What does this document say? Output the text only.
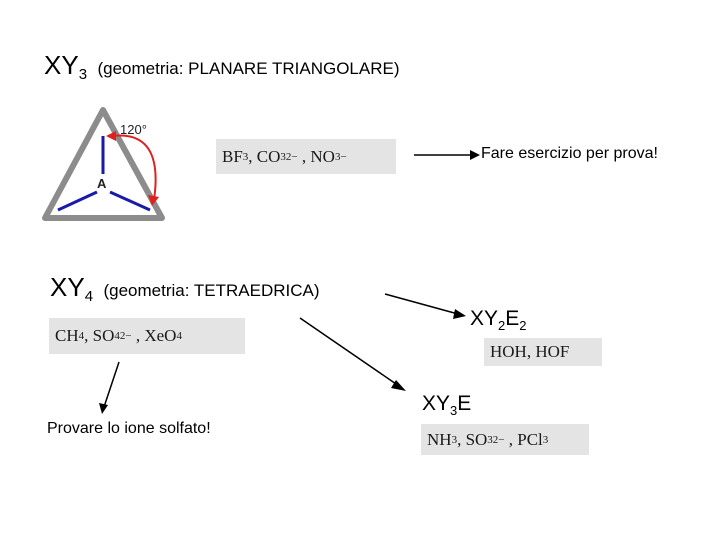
XY3 (geometria: PLANARE TRIANGOLARE)
A
120°
BF 3 , CO 3 2− , NO 3 −	Fare esercizio per prova!
XY4 (geometria: TETRAEDRICA)
CH 4 , SO 4 2− , XeO 4
$XY_2E_2$
HOH, HOF
$XY_3E$
NH 3 , SO 3 2− , PCl 3
Provare lo ione solfato!
